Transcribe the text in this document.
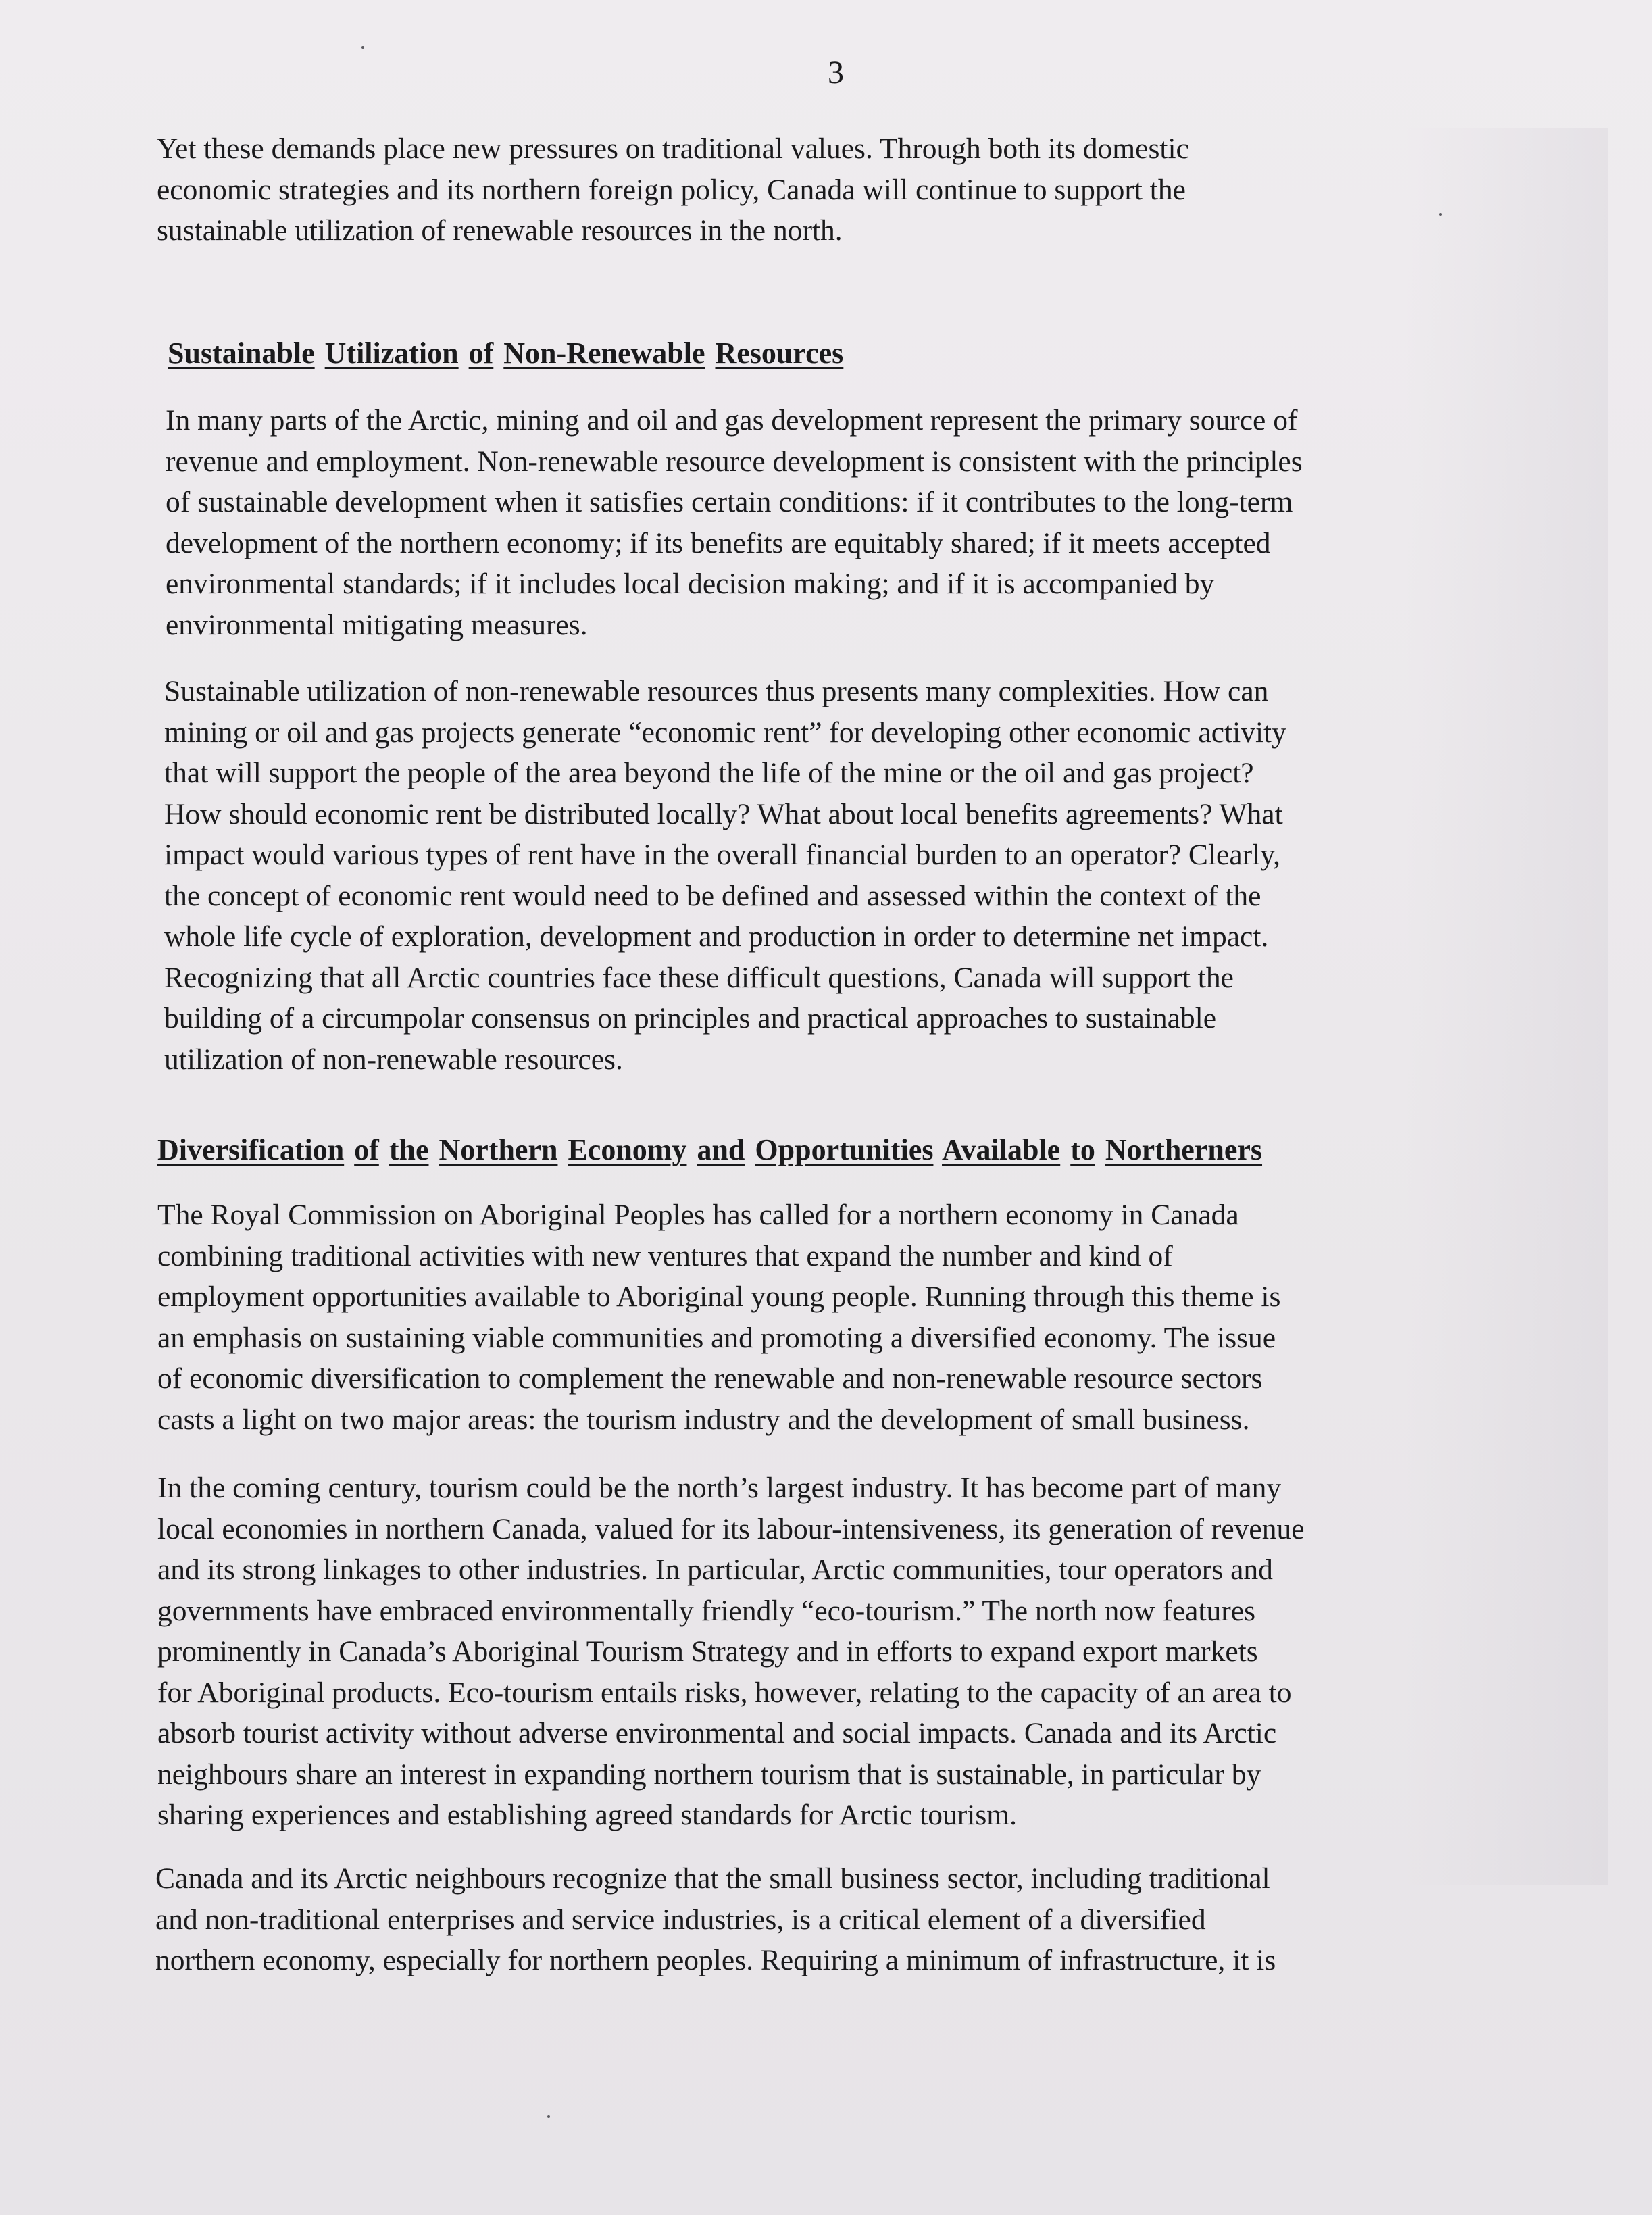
3

Yet these demands place new pressures on traditional values. Through both its domestic

economic strategies and its northern foreign policy, Canada will continue to support the

sustainable utilization of renewable resources in the north.

Sustainable Utilization of Non-Renewable Resources

In many parts of the Arctic, mining and oil and gas development represent the primary source of

revenue and employment. Non-renewable resource development is consistent with the principles

of sustainable development when it satisfies certain conditions: if it contributes to the long-term

development of the northern economy; if its benefits are equitably shared; if it meets accepted

environmental standards; if it includes local decision making; and if it is accompanied by

environmental mitigating measures.

Sustainable utilization of non-renewable resources thus presents many complexities. How can

mining or oil and gas projects generate “economic rent” for developing other economic activity

that will support the people of the area beyond the life of the mine or the oil and gas project?

How should economic rent be distributed locally? What about local benefits agreements? What

impact would various types of rent have in the overall financial burden to an operator? Clearly,

the concept of economic rent would need to be defined and assessed within the context of the

whole life cycle of exploration, development and production in order to determine net impact.

Recognizing that all Arctic countries face these difficult questions, Canada will support the

building of a circumpolar consensus on principles and practical approaches to sustainable

utilization of non-renewable resources.

Diversification of the Northern Economy and Opportunities Available to Northerners

The Royal Commission on Aboriginal Peoples has called for a northern economy in Canada

combining traditional activities with new ventures that expand the number and kind of

employment opportunities available to Aboriginal young people. Running through this theme is

an emphasis on sustaining viable communities and promoting a diversified economy. The issue

of economic diversification to complement the renewable and non-renewable resource sectors

casts a light on two major areas: the tourism industry and the development of small business.

In the coming century, tourism could be the north’s largest industry. It has become part of many

local economies in northern Canada, valued for its labour-intensiveness, its generation of revenue

and its strong linkages to other industries. In particular, Arctic communities, tour operators and

governments have embraced environmentally friendly “eco-tourism.” The north now features

prominently in Canada’s Aboriginal Tourism Strategy and in efforts to expand export markets

for Aboriginal products. Eco-tourism entails risks, however, relating to the capacity of an area to

absorb tourist activity without adverse environmental and social impacts. Canada and its Arctic

neighbours share an interest in expanding northern tourism that is sustainable, in particular by

sharing experiences and establishing agreed standards for Arctic tourism.

Canada and its Arctic neighbours recognize that the small business sector, including traditional

and non-traditional enterprises and service industries, is a critical element of a diversified

northern economy, especially for northern peoples. Requiring a minimum of infrastructure, it is
